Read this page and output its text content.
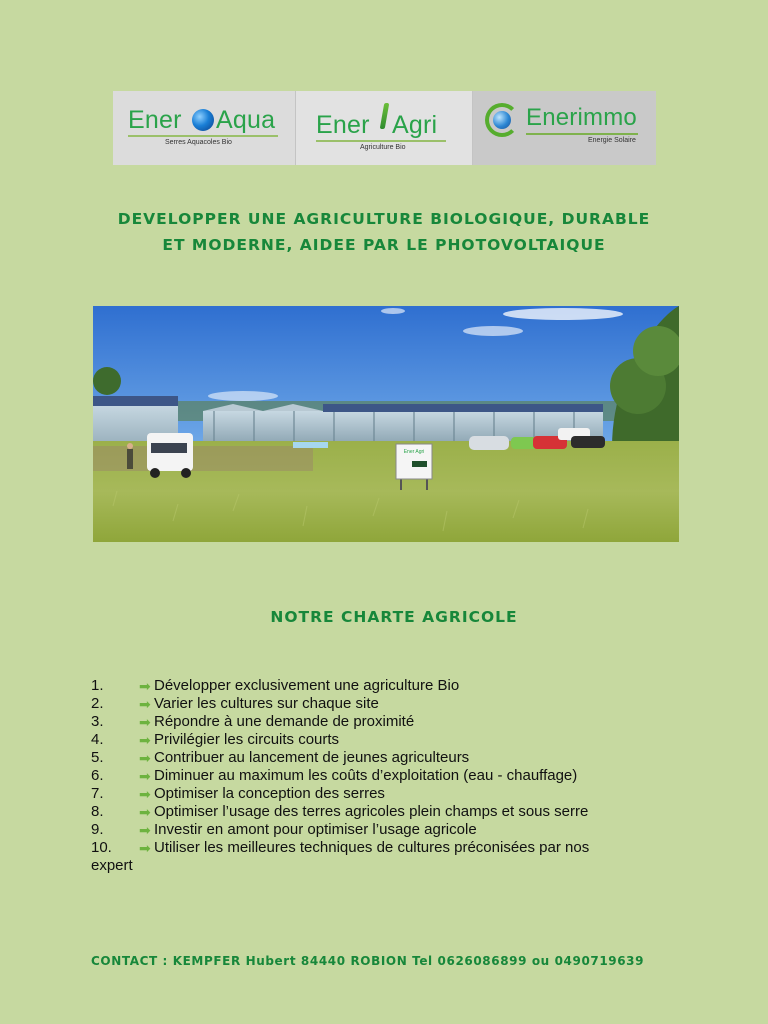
Ener Aqua
Serres Aquacoles Bio
Ener Agri
Agriculture Bio
Enerimmo
Energie Solaire
DEVELOPPER UNE AGRICULTURE BIOLOGIQUE, DURABLE
ET MODERNE, AIDEE PAR LE PHOTOVOLTAIQUE
Ener Agri
NOTRE CHARTE AGRICOLE
1.	➡ Développer exclusivement une agriculture Bio
2.	➡ Varier les cultures sur chaque site
3.	➡ Répondre à une demande de proximité
4.	➡ Privilégier les circuits courts
5.	➡ Contribuer au lancement de jeunes agriculteurs
6.	➡ Diminuer au maximum les coûts d’exploitation (eau - chauffage)
7.	➡ Optimiser la conception des serres
8.	➡ Optimiser l’usage des terres agricoles plein champs et sous serre
9.	➡ Investir en amont pour optimiser l’usage agricole
10. ➡ Utiliser les meilleures techniques de cultures préconisées par nos
expert
CONTACT : KEMPFER Hubert 84440 ROBION Tel 0626086899 ou 0490719639
